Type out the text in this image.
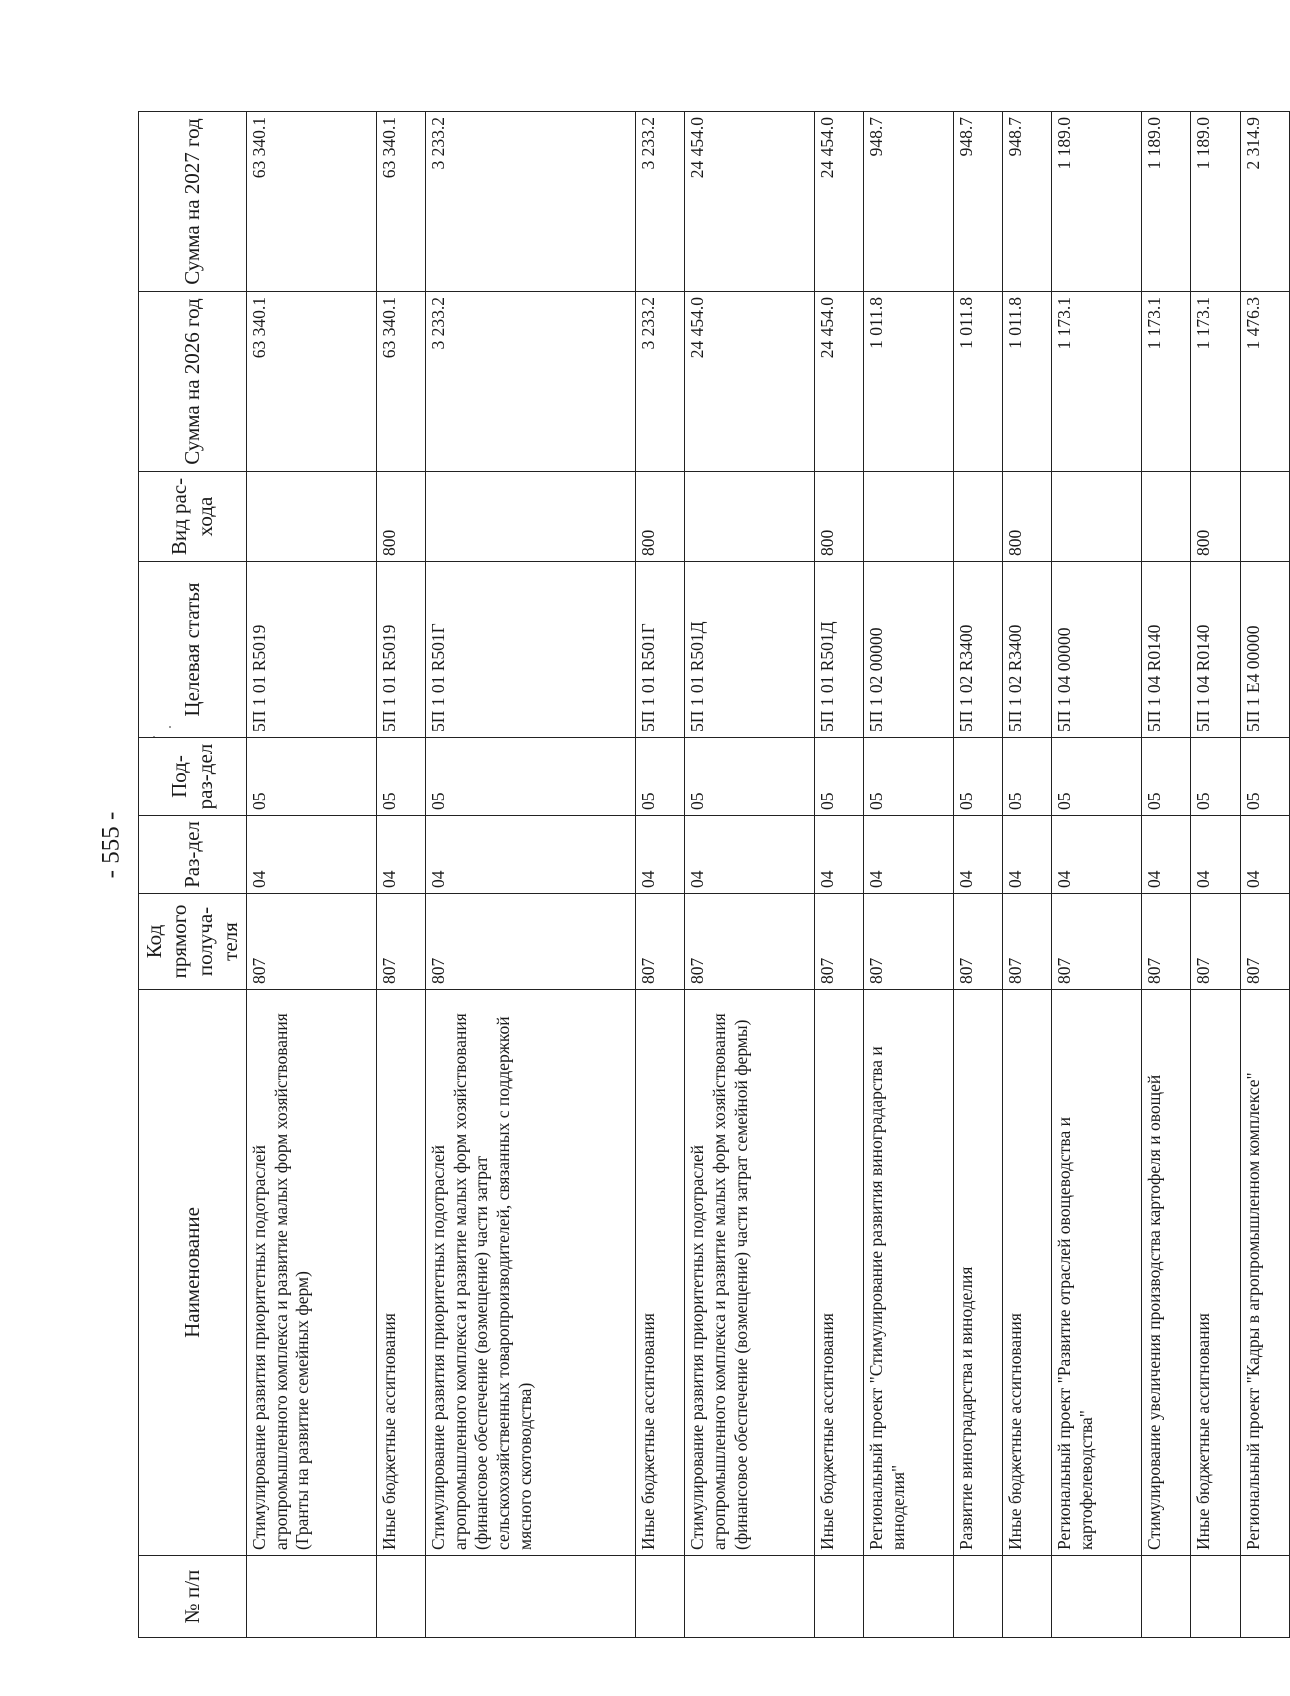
- 555 -
№ п/п	Наименование	Код прямого получа-теля	Раз-дел	Под-раз-дел	Целевая статья	Вид рас-хода	Сумма на 2026 год	Сумма на 2027 год
	Стимулирование развития приоритетных подотраслей агропромышленного комплекса и развитие малых форм хозяйствования (Гранты на развитие семейных ферм)	807	04	05	5П 1 01 R5019		63 340.1	63 340.1
	Иные бюджетные ассигнования	807	04	05	5П 1 01 R5019	800	63 340.1	63 340.1
	Стимулирование развития приоритетных подотраслей агропромышленного комплекса и развитие малых форм хозяйствования (финансовое обеспечение (возмещение) части затрат сельскохозяйственных товаропроизводителей, связанных с поддержкой мясного скотоводства)	807	04	05	5П 1 01 R501Г		3 233.2	3 233.2
	Иные бюджетные ассигнования	807	04	05	5П 1 01 R501Г	800	3 233.2	3 233.2
	Стимулирование развития приоритетных подотраслей агропромышленного комплекса и развитие малых форм хозяйствования (финансовое обеспечение (возмещение) части затрат семейной фермы)	807	04	05	5П 1 01 R501Д		24 454.0	24 454.0
	Иные бюджетные ассигнования	807	04	05	5П 1 01 R501Д	800	24 454.0	24 454.0
	Региональный проект "Стимулирование развития виноградарства и виноделия"	807	04	05	5П 1 02 00000		1 011.8	948.7
	Развитие виноградарства и виноделия	807	04	05	5П 1 02 R3400		1 011.8	948.7
	Иные бюджетные ассигнования	807	04	05	5П 1 02 R3400	800	1 011.8	948.7
	Региональный проект "Развитие отраслей овощеводства и картофелеводства"	807	04	05	5П 1 04 00000		1 173.1	1 189.0
	Стимулирование увеличения производства картофеля и овощей	807	04	05	5П 1 04 R0140		1 173.1	1 189.0
	Иные бюджетные ассигнования	807	04	05	5П 1 04 R0140	800	1 173.1	1 189.0
	Региональный проект "Кадры в агропромышленном комплексе"	807	04	05	5П 1 Е4 00000		1 476.3	2 314.9
